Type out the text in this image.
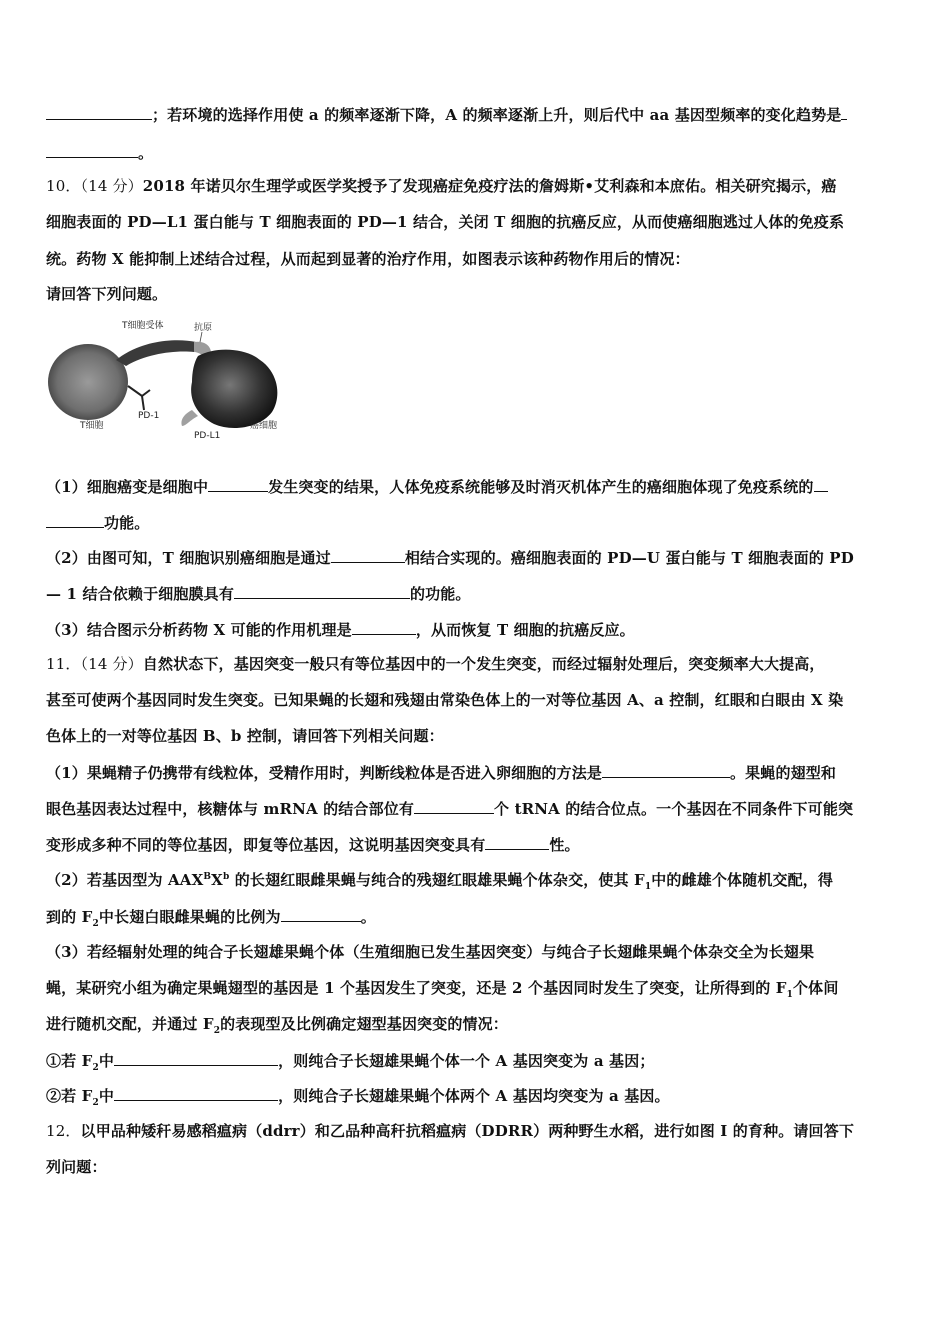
；若环境的选择作用使 a 的频率逐渐下降，A 的频率逐渐上升，则后代中 aa 基因型频率的变化趋势是
。
10．（14 分）2018 年诺贝尔生理学或医学奖授予了发现癌症免疫疗法的詹姆斯•艾利森和本庶佑。相关研究揭示，癌
细胞表面的 PD—L1 蛋白能与 T 细胞表面的 PD—1 结合，关闭 T 细胞的抗癌反应，从而使癌细胞逃过人体的免疫系
统。药物 X 能抑制上述结合过程，从而起到显著的治疗作用，如图表示该种药物作用后的情况：
请回答下列问题。
T细胞受体	抗原
PD-1
T细胞
PD-L1
癌细胞
（1）细胞癌变是细胞中	发生突变的结果，人体免疫系统能够及时消灭机体产生的癌细胞体现了免疫系统的
功能。
（2）由图可知，T 细胞识别癌细胞是通过	相结合实现的。癌细胞表面的 PD—U 蛋白能与 T 细胞表面的 PD
— 1 结合依赖于细胞膜具有	的功能。
（3）结合图示分析药物 X 可能的作用机理是	，从而恢复 T 细胞的抗癌反应。
11．（14 分）自然状态下，基因突变一般只有等位基因中的一个发生突变，而经过辐射处理后，突变频率大大提高，
甚至可使两个基因同时发生突变。已知果蝇的长翅和残翅由常染色体上的一对等位基因 A、a 控制，红眼和白眼由 X 染
色体上的一对等位基因 B、b 控制，请回答下列相关问题：
（1）果蝇精子仍携带有线粒体，受精作用时，判断线粒体是否进入卵细胞的方法是	。果蝇的翅型和
眼色基因表达过程中，核糖体与 mRNA 的结合部位有	个 tRNA 的结合位点。一个基因在不同条件下可能突
变形成多种不同的等位基因，即复等位基因，这说明基因突变具有	性。
（2）若基因型为 $AAX^BX^b$ 的长翅红眼雌果蝇与纯合的残翅红眼雄果蝇个体杂交，使其 $F_1$中的雌雄个体随机交配，得
到的 $F_2$中长翅白眼雌果蝇的比例为	。
（3）若经辐射处理的纯合子长翅雄果蝇个体（生殖细胞已发生基因突变）与纯合子长翅雌果蝇个体杂交全为长翅果
蝇，某研究小组为确定果蝇翅型的基因是 1 个基因发生了突变，还是 2 个基因同时发生了突变，让所得到的 $F_1$个体间
进行随机交配，并通过 $F_2$的表现型及比例确定翅型基因突变的情况：
①若 $F_2$中	，则纯合子长翅雄果蝇个体一个 A 基因突变为 a 基因；
②若 $F_2$中	，则纯合子长翅雄果蝇个体两个 A 基因均突变为 a 基因。
12．以甲品种矮秆易感稻瘟病（ddrr）和乙品种高秆抗稻瘟病（DDRR）两种野生水稻，进行如图 I 的育种。请回答下
列问题：
